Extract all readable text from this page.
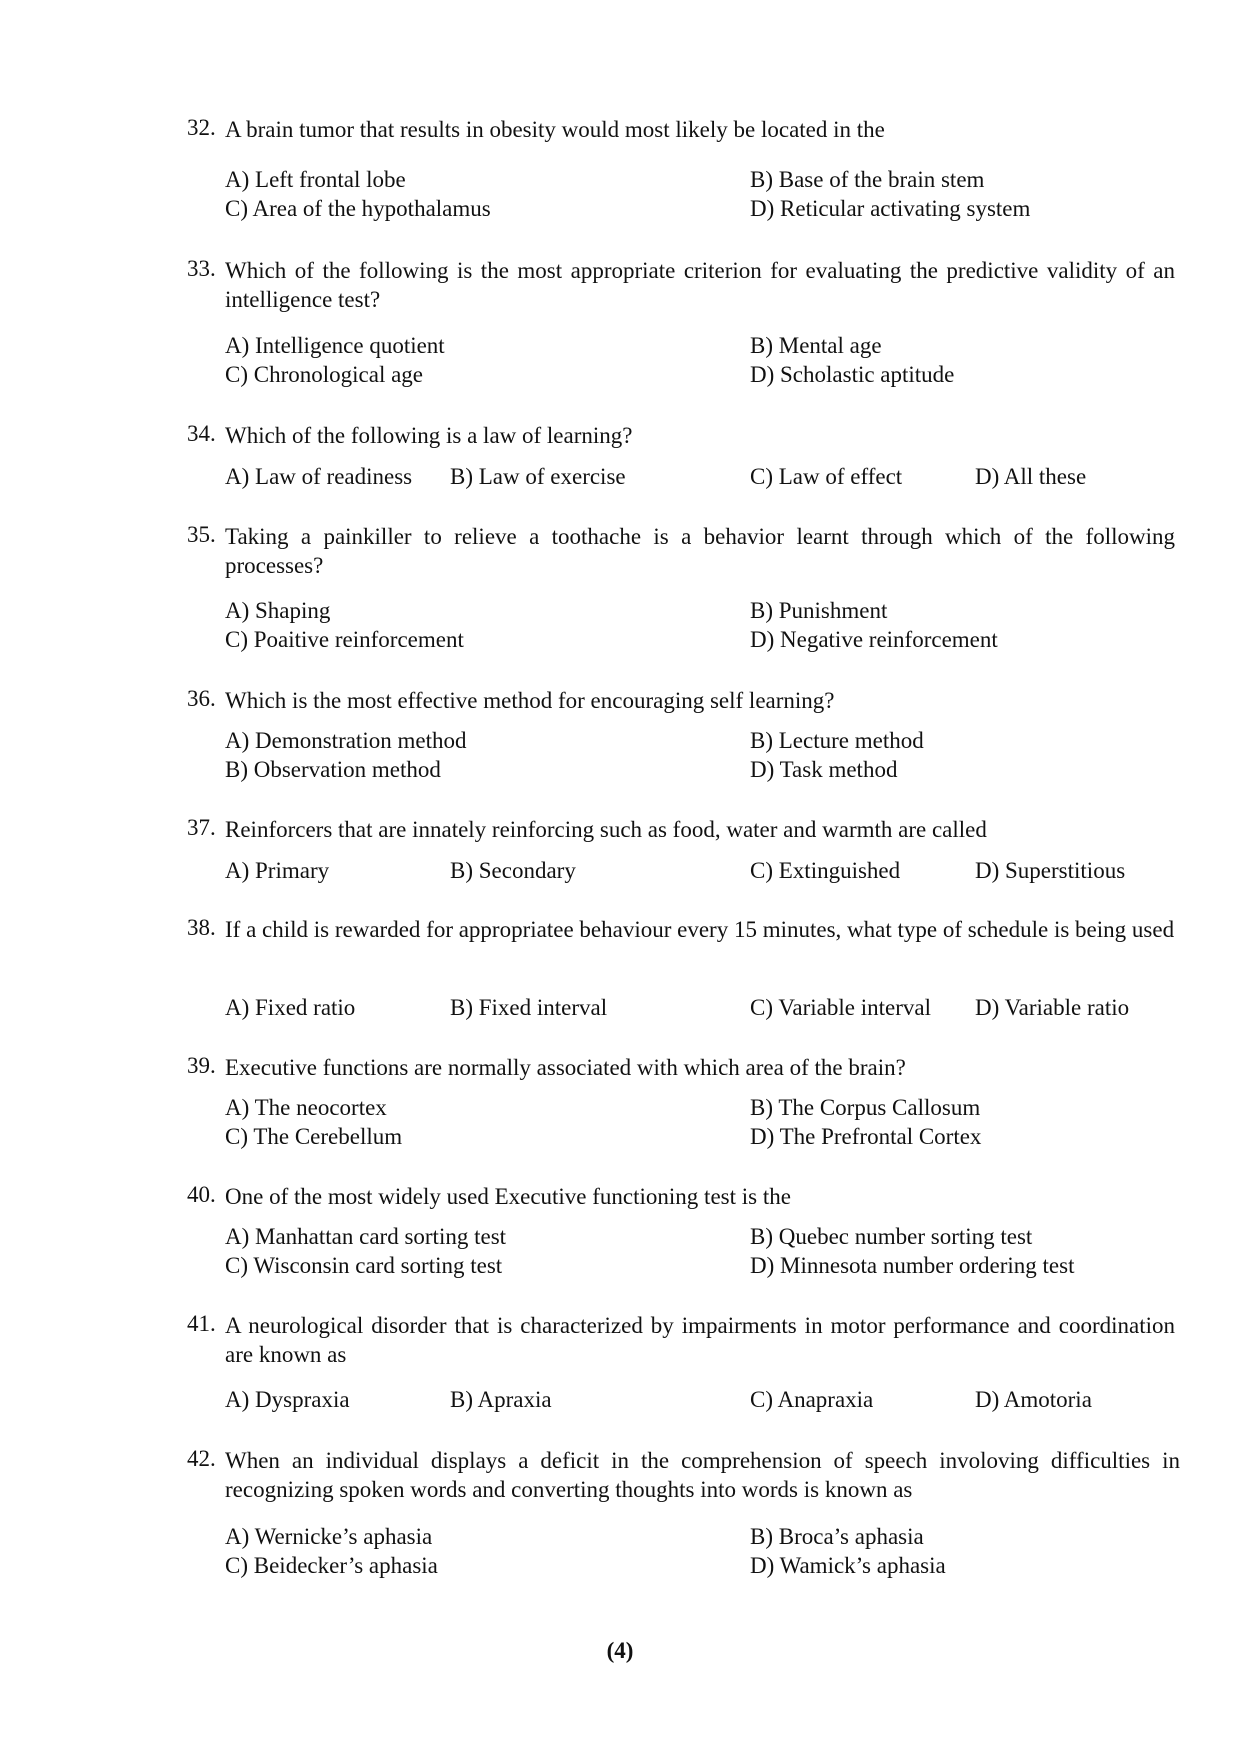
32. A brain tumor that results in obesity would most likely be located in the
A) Left frontal lobe	B) Base of the brain stem
C) Area of the hypothalamus	D) Reticular activating system
33. Which of the following is the most appropriate criterion for evaluating the predictive validity of an intelligence test?
A) Intelligence quotient	B) Mental age
C) Chronological age	D) Scholastic aptitude
34. Which of the following is a law of learning?
A) Law of readiness B) Law of exercise	C) Law of effect	D) All these
35. Taking a painkiller to relieve a toothache is a behavior learnt through which of the following processes?
A) Shaping	B) Punishment
C) Poaitive reinforcement	D) Negative reinforcement
36. Which is the most effective method for encouraging self learning?
A) Demonstration method	B) Lecture method
B) Observation method	D) Task method
37. Reinforcers that are innately reinforcing such as food, water and warmth are called
A) Primary	B) Secondary	C) Extinguished	D) Superstitious
38. If a child is rewarded for appropriatee behaviour every 15 minutes, what type of schedule is being used
A) Fixed ratio	B) Fixed interval	C) Variable interval D) Variable ratio
39. Executive functions are normally associated with which area of the brain?
A) The neocortex	B) The Corpus Callosum
C) The Cerebellum	D) The Prefrontal Cortex
40. One of the most widely used Executive functioning test is the
A) Manhattan card sorting test	B) Quebec number sorting test
C) Wisconsin card sorting test	D) Minnesota number ordering test
41. A neurological disorder that is characterized by impairments in motor performance and coordination are known as
A) Dyspraxia	B) Apraxia	C) Anapraxia	D) Amotoria
42. When an individual displays a deficit in the comprehension of speech involoving difficulties in recognizing spoken words and converting thoughts into words is known as
A) Wernicke’s aphasia	B) Broca’s aphasia
C) Beidecker’s aphasia	D) Wamick’s aphasia
(4)
